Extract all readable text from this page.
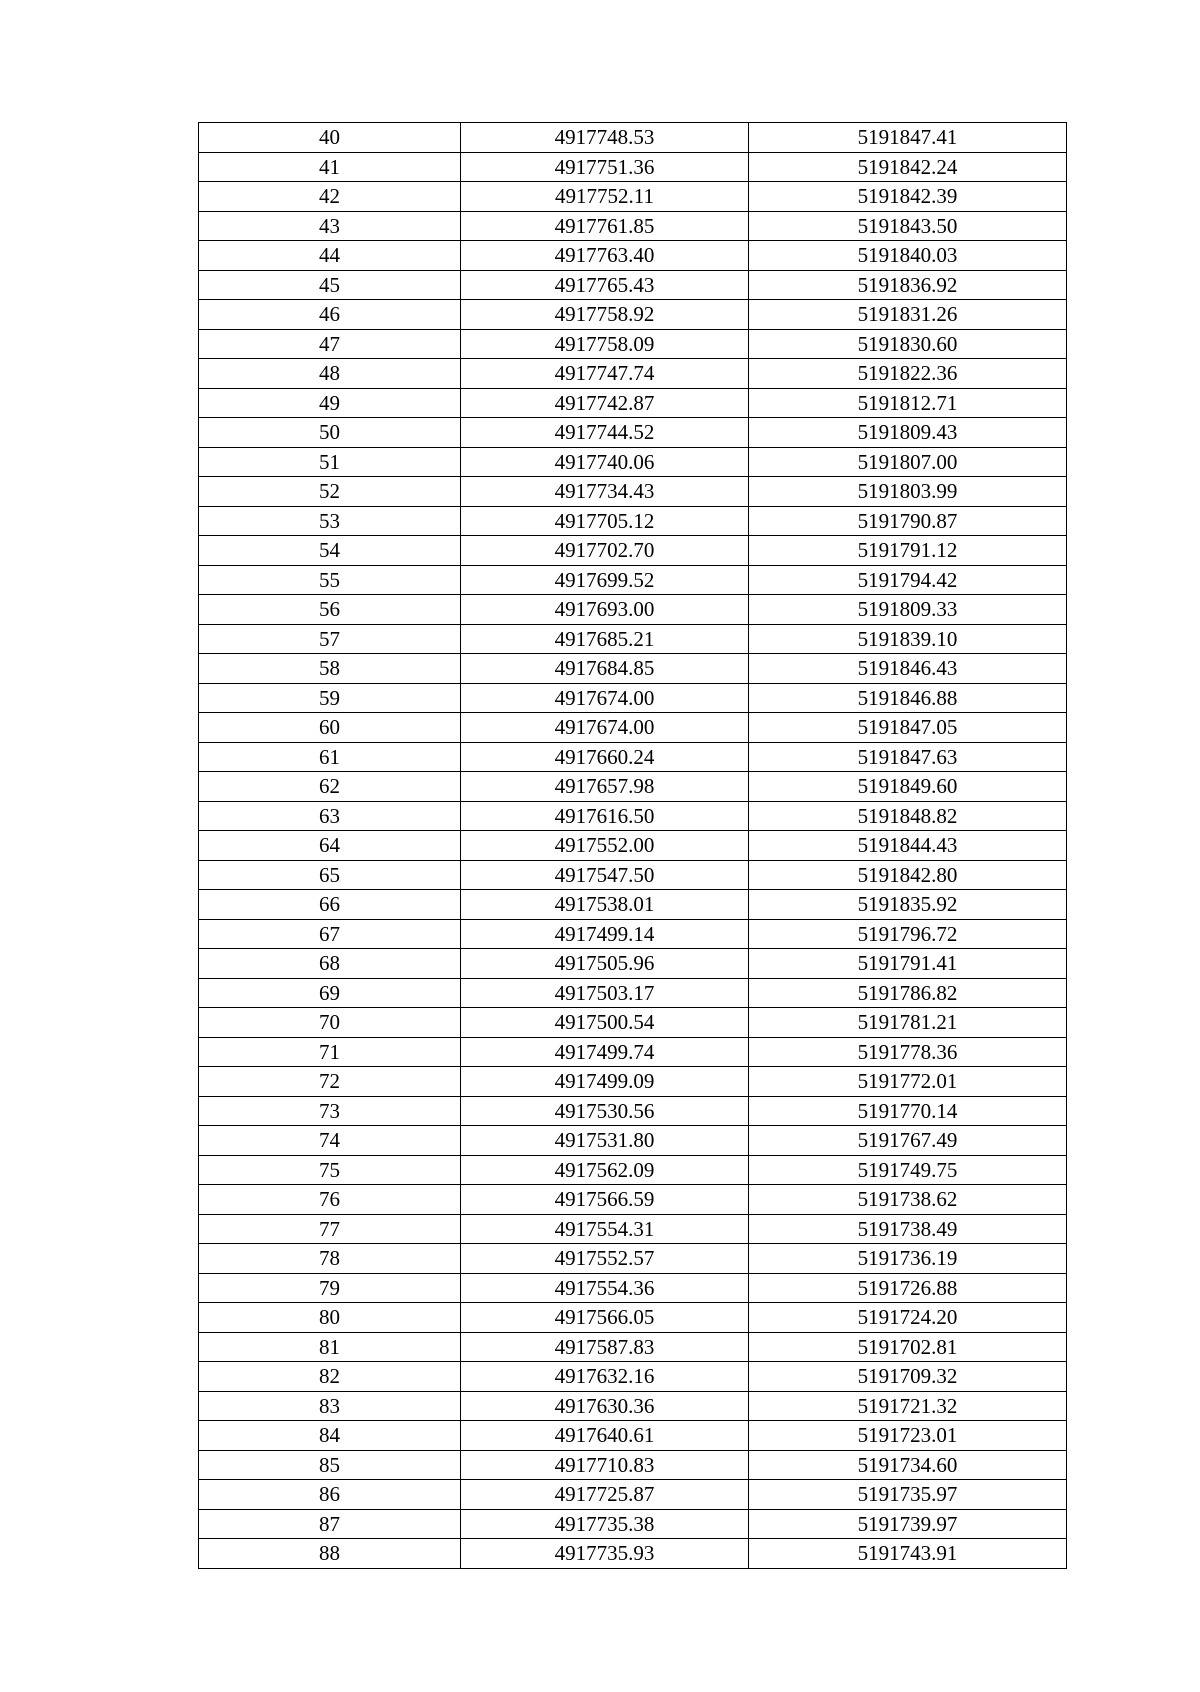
40	4917748.53	5191847.41
41	4917751.36	5191842.24
42	4917752.11	5191842.39
43	4917761.85	5191843.50
44	4917763.40	5191840.03
45	4917765.43	5191836.92
46	4917758.92	5191831.26
47	4917758.09	5191830.60
48	4917747.74	5191822.36
49	4917742.87	5191812.71
50	4917744.52	5191809.43
51	4917740.06	5191807.00
52	4917734.43	5191803.99
53	4917705.12	5191790.87
54	4917702.70	5191791.12
55	4917699.52	5191794.42
56	4917693.00	5191809.33
57	4917685.21	5191839.10
58	4917684.85	5191846.43
59	4917674.00	5191846.88
60	4917674.00	5191847.05
61	4917660.24	5191847.63
62	4917657.98	5191849.60
63	4917616.50	5191848.82
64	4917552.00	5191844.43
65	4917547.50	5191842.80
66	4917538.01	5191835.92
67	4917499.14	5191796.72
68	4917505.96	5191791.41
69	4917503.17	5191786.82
70	4917500.54	5191781.21
71	4917499.74	5191778.36
72	4917499.09	5191772.01
73	4917530.56	5191770.14
74	4917531.80	5191767.49
75	4917562.09	5191749.75
76	4917566.59	5191738.62
77	4917554.31	5191738.49
78	4917552.57	5191736.19
79	4917554.36	5191726.88
80	4917566.05	5191724.20
81	4917587.83	5191702.81
82	4917632.16	5191709.32
83	4917630.36	5191721.32
84	4917640.61	5191723.01
85	4917710.83	5191734.60
86	4917725.87	5191735.97
87	4917735.38	5191739.97
88	4917735.93	5191743.91
